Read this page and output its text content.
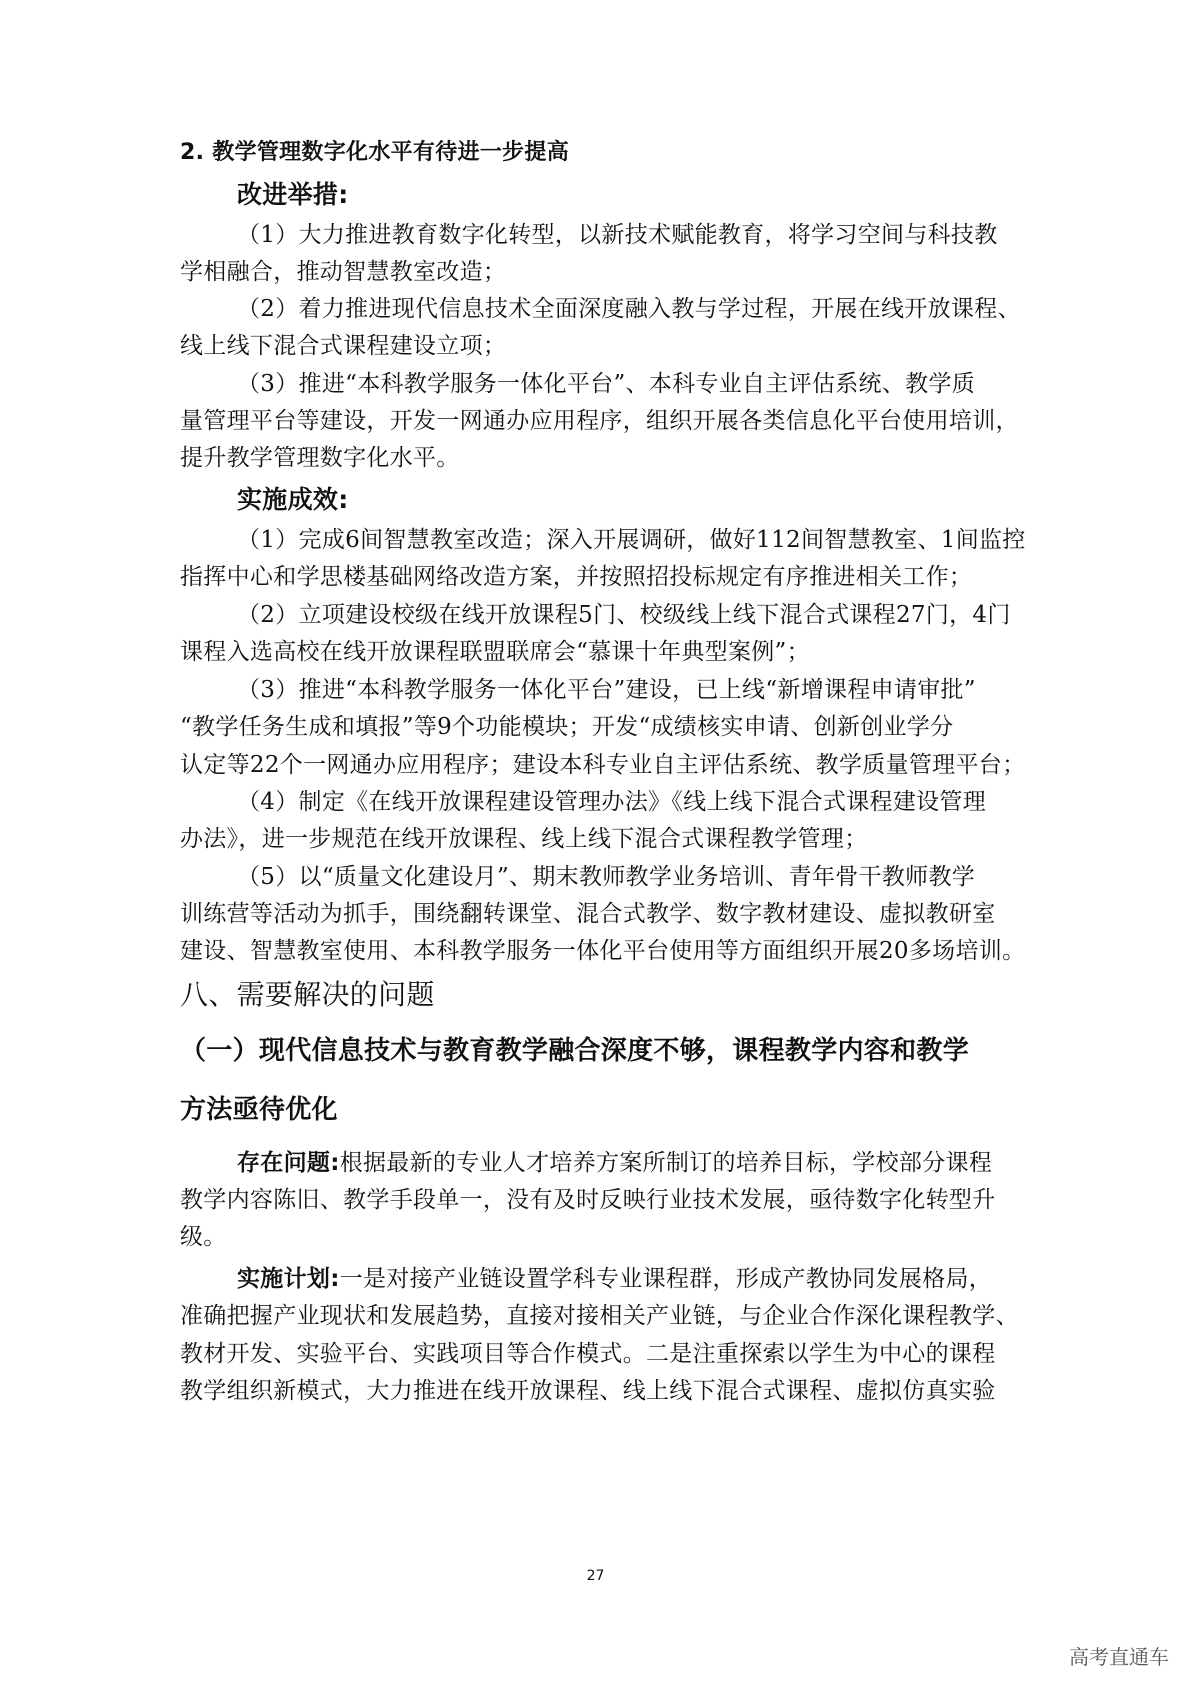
2. 教学管理数字化水平有待进一步提高
改进举措:
（1）大力推进教育数字化转型，以新技术赋能教育，将学习空间与科技教
学相融合，推动智慧教室改造；
（2）着力推进现代信息技术全面深度融入教与学过程，开展在线开放课程、
线上线下混合式课程建设立项；
（3）推进“本科教学服务一体化平台”、本科专业自主评估系统、教学质
量管理平台等建设，开发一网通办应用程序，组织开展各类信息化平台使用培训，
提升教学管理数字化水平。
实施成效:
（1）完成6间智慧教室改造；深入开展调研，做好112间智慧教室、1间监控
指挥中心和学思楼基础网络改造方案，并按照招投标规定有序推进相关工作；
（2）立项建设校级在线开放课程5门、校级线上线下混合式课程27门，4门
课程入选高校在线开放课程联盟联席会“慕课十年典型案例”；
（3）推进“本科教学服务一体化平台”建设，已上线“新增课程申请审批”
“教学任务生成和填报”等9个功能模块；开发“成绩核实申请、创新创业学分
认定等22个一网通办应用程序；建设本科专业自主评估系统、教学质量管理平台；
（4）制定《在线开放课程建设管理办法》《线上线下混合式课程建设管理
办法》，进一步规范在线开放课程、线上线下混合式课程教学管理；
（5）以“质量文化建设月”、期末教师教学业务培训、青年骨干教师教学
训练营等活动为抓手，围绕翻转课堂、混合式教学、数字教材建设、虚拟教研室
建设、智慧教室使用、本科教学服务一体化平台使用等方面组织开展20多场培训。
八、需要解决的问题
（一）现代信息技术与教育教学融合深度不够，课程教学内容和教学
方法亟待优化
存在问题:根据最新的专业人才培养方案所制订的培养目标，学校部分课程
教学内容陈旧、教学手段单一，没有及时反映行业技术发展，亟待数字化转型升
级。
实施计划:一是对接产业链设置学科专业课程群，形成产教协同发展格局，
准确把握产业现状和发展趋势，直接对接相关产业链，与企业合作深化课程教学、
教材开发、实验平台、实践项目等合作模式。二是注重探索以学生为中心的课程
教学组织新模式，大力推进在线开放课程、线上线下混合式课程、虚拟仿真实验
27
高考直通车
